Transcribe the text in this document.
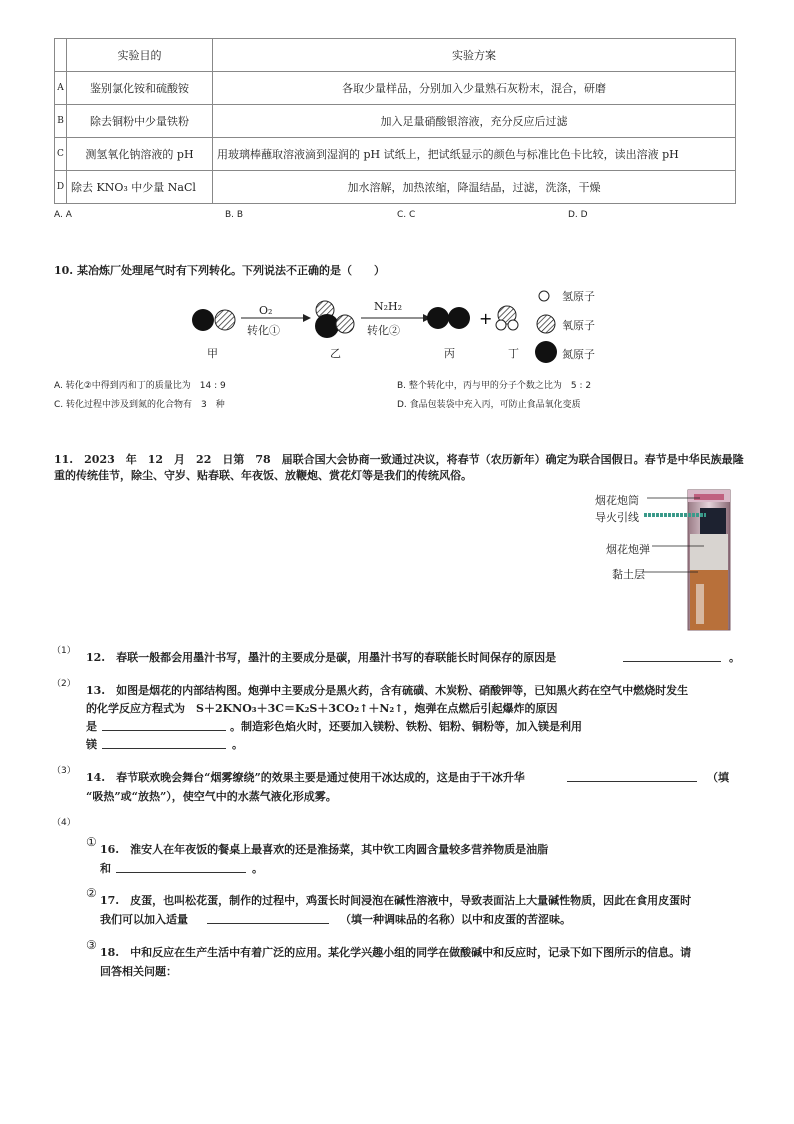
	实验目的	实验方案
A	鉴别氯化铵和硫酸铵	各取少量样品，分别加入少量熟石灰粉末，混合，研磨
B	除去铜粉中少量铁粉	加入足量硝酸银溶液，充分反应后过滤
C	测氢氧化钠溶液的 pH	用玻璃棒蘸取溶液滴到湿润的 pH 试纸上，把试纸显示的颜色与标准比色卡比较，读出溶液 pH
D	除去 KNO₃ 中少量 NaCl	加水溶解，加热浓缩，降温结晶，过滤，洗涤，干燥
A. A	B. B	C. C	D. D
10. 某冶炼厂处理尾气时有下列转化。下列说法不正确的是（　　）
+
O₂
转化①
N₂H₂
转化②
甲	乙	丙	丁
氢原子
氧原子
氮原子
A. 转化②中得到丙和丁的质量比为　14 : 9	B. 整个转化中，丙与甲的分子个数之比为　5 : 2
C. 转化过程中涉及到氮的化合物有　3　种	D. 食品包装袋中充入丙，可防止食品氧化变质
11.　2023　年　12　月　22　日第　78　届联合国大会协商一致通过决议，将春节（农历新年）确定为联合国假日。春节是中华民族最隆
重的传统佳节，除尘、守岁、贴春联、年夜饭、放鞭炮、赏花灯等是我们的传统风俗。
烟花炮筒
导火引线
烟花炮弹
黏土层
（1） 12.　春联一般都会用墨汁书写，墨汁的主要成分是碳，用墨汁书写的春联能长时间保存的原因是	。
（2） 13.　如图是烟花的内部结构图。炮弹中主要成分是黑火药，含有硫磺、木炭粉、硝酸钾等，已知黑火药在空气中燃烧时发生
的化学反应方程式为　S＋2KNO₃＋3C＝K₂S＋3CO₂↑＋N₂↑，炮弹在点燃后引起爆炸的原因
是	。制造彩色焰火时，还要加入镁粉、铁粉、铝粉、铜粉等，加入镁是利用
镁	。
（3） 14.　春节联欢晚会舞台“烟雾缭绕”的效果主要是通过使用干冰达成的，这是由于干冰升华	（填
“吸热”或“放热”），使空气中的水蒸气液化形成雾。
（4）
①
16.　淮安人在年夜饭的餐桌上最喜欢的还是淮扬菜，其中钦工肉圆含量较多营养物质是油脂
和	。
②
17.　皮蛋，也叫松花蛋，制作的过程中，鸡蛋长时间浸泡在碱性溶液中，导致表面沾上大量碱性物质，因此在食用皮蛋时
我们可以加入适量	（填一种调味品的名称）以中和皮蛋的苦涩味。
③
18.　中和反应在生产生活中有着广泛的应用。某化学兴趣小组的同学在做酸碱中和反应时，记录下如下图所示的信息。请
回答相关问题：
